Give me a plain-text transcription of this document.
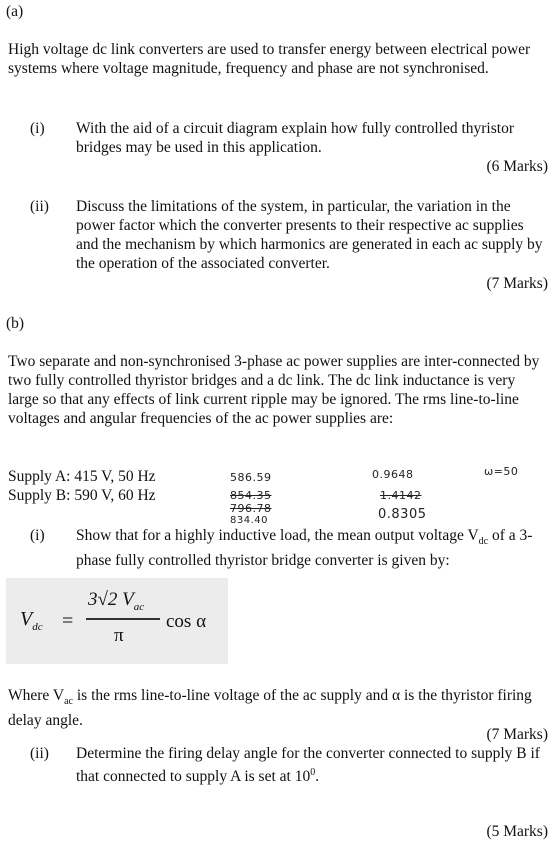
(a)
High voltage dc link converters are used to transfer energy between electrical power systems where voltage magnitude, frequency and phase are not synchronised.
(i) With the aid of a circuit diagram explain how fully controlled thyristor bridges may be used in this application.
(6 Marks)
(ii) Discuss the limitations of the system, in particular, the variation in the power factor which the converter presents to their respective ac supplies and the mechanism by which harmonics are generated in each ac supply by the operation of the associated converter.
(7 Marks)
(b)
Two separate and non-synchronised 3-phase ac power supplies are inter-connected by two fully controlled thyristor bridges and a dc link. The dc link inductance is very large so that any effects of link current ripple may be ignored. The rms line-to-line voltages and angular frequencies of the ac power supplies are:
Supply A: 415 V, 50 Hz
Supply B: 590 V, 60 Hz
586.59
854.35
796.78
834.40
0.9648
1.4142
0.8305
ω=50
(i) Show that for a highly inductive load, the mean output voltage $V_{dc}$ of a 3-phase fully controlled thyristor bridge converter is given by:
$V_{dc}$ =
3√2 $V_{ac}$
π
cos α
Where $V_{ac}$ is the rms line-to-line voltage of the ac supply and α is the thyristor firing delay angle.
(7 Marks)
(ii) Determine the firing delay angle for the converter connected to supply B if that connected to supply A is set at $10^0$.
(5 Marks)
